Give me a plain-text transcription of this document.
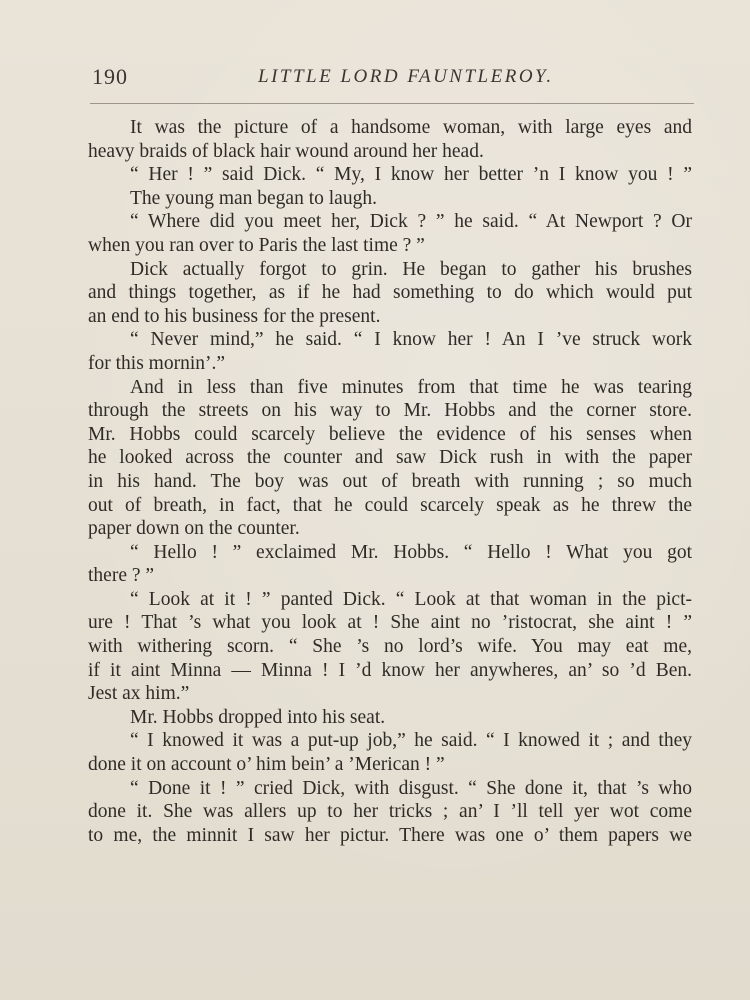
190	LITTLE LORD FAUNTLEROY.
It was the picture of a handsome woman, with large eyes and
heavy braids of black hair wound around her head.
“ Her ! ” said Dick. “ My, I know her better ’n I know you ! ”
The young man began to laugh.
“ Where did you meet her, Dick ? ” he said. “ At Newport ? Or
when you ran over to Paris the last time ? ”
Dick actually forgot to grin. He began to gather his brushes
and things together, as if he had something to do which would put
an end to his business for the present.
“ Never mind,” he said. “ I know her ! An I ’ve struck work
for this mornin’.”
And in less than five minutes from that time he was tearing
through the streets on his way to Mr. Hobbs and the corner store.
Mr. Hobbs could scarcely believe the evidence of his senses when
he looked across the counter and saw Dick rush in with the paper
in his hand. The boy was out of breath with running ; so much
out of breath, in fact, that he could scarcely speak as he threw the
paper down on the counter.
“ Hello ! ” exclaimed Mr. Hobbs. “ Hello ! What you got
there ? ”
“ Look at it ! ” panted Dick. “ Look at that woman in the pict-
ure ! That ’s what you look at ! She aint no ’ristocrat, she aint ! ”
with withering scorn. “ She ’s no lord’s wife. You may eat me,
if it aint Minna — Minna ! I ’d know her anywheres, an’ so ’d Ben.
Jest ax him.”
Mr. Hobbs dropped into his seat.
“ I knowed it was a put-up job,” he said. “ I knowed it ; and they
done it on account o’ him bein’ a ’Merican ! ”
“ Done it ! ” cried Dick, with disgust. “ She done it, that ’s who
done it. She was allers up to her tricks ; an’ I ’ll tell yer wot come
to me, the minnit I saw her pictur. There was one o’ them papers we
